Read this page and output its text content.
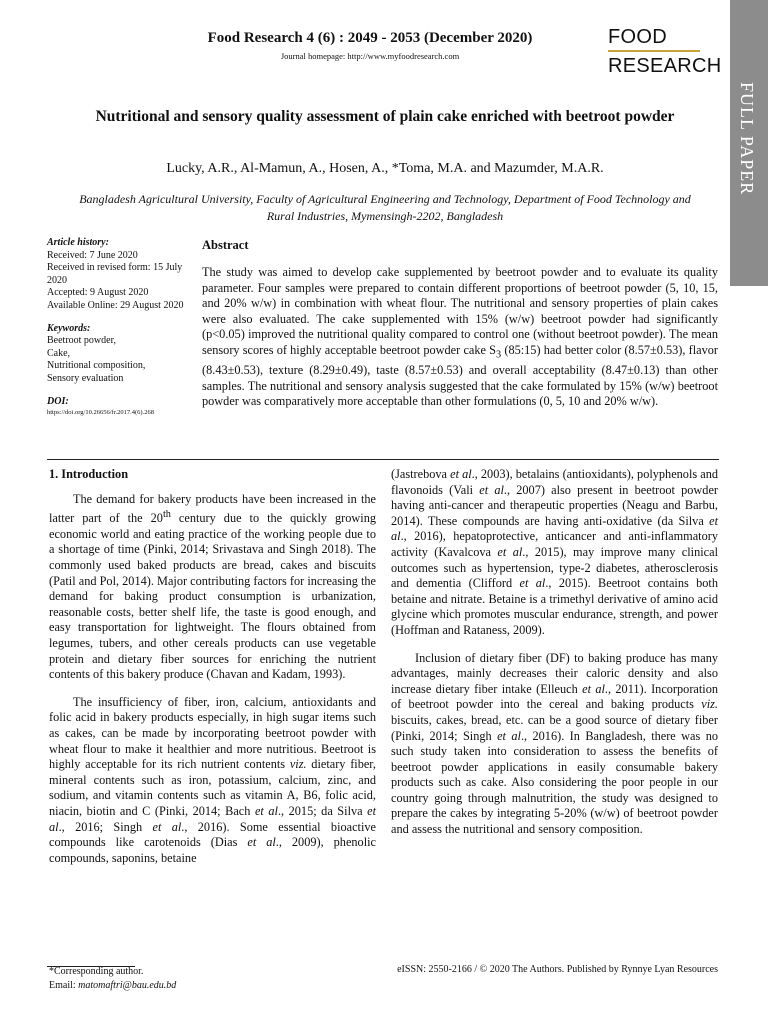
Food Research 4 (6) : 2049 - 2053 (December 2020)
Journal homepage: http://www.myfoodresearch.com
FOOD
RESEARCH
FULL PAPER
Nutritional and sensory quality assessment of plain cake enriched with beetroot powder
Lucky, A.R., Al-Mamun, A., Hosen, A., *Toma, M.A. and Mazumder, M.A.R.
Bangladesh Agricultural University, Faculty of Agricultural Engineering and Technology, Department of Food Technology and Rural Industries, Mymensingh-2202, Bangladesh
Article history:
Received: 7 June 2020
Received in revised form: 15 July 2020
Accepted: 9 August 2020
Available Online: 29 August 2020
Keywords:
Beetroot powder,
Cake,
Nutritional composition,
Sensory evaluation
DOI:
https://doi.org/10.26656/fr.2017.4(6).268
Abstract
The study was aimed to develop cake supplemented by beetroot powder and to evaluate its quality parameter. Four samples were prepared to contain different proportions of beetroot powder (5, 10, 15, and 20% w/w) in combination with wheat flour. The nutritional and sensory properties of plain cakes were also evaluated. The cake supplemented with 15% (w/w) beetroot powder had significantly (p<0.05) improved the nutritional quality compared to control one (without beetroot powder). The mean sensory scores of highly acceptable beetroot powder cake $S_3$ (85:15) had better color (8.57±0.53), flavor (8.43±0.53), texture (8.29±0.49), taste (8.57±0.53) and overall acceptability (8.47±0.13) than other samples. The nutritional and sensory analysis suggested that the cake formulated by 15% (w/w) beetroot powder was comparatively more acceptable than other formulations (0, 5, 10 and 20% w/w).
1. Introduction

The demand for bakery products have been increased in the latter part of the 20th century due to the quickly growing economic world and eating practice of the working people due to a shortage of time (Pinki, 2014; Srivastava and Singh 2018). The commonly used baked products are bread, cakes and biscuits (Patil and Pol, 2014). Major contributing factors for increasing the demand for baking product consumption is urbanization, reasonable costs, better shelf life, the taste is good enough, and easy transportation for lightweight. The flours obtained from legumes, tubers, and other cereals products can use vegetable protein and dietary fiber sources for enriching the nutrient contents of this bakery produce (Chavan and Kadam, 1993).

The insufficiency of fiber, iron, calcium, antioxidants and folic acid in bakery products especially, in high sugar items such as cakes, can be made by incorporating beetroot powder with wheat flour to make it healthier and more nutritious. Beetroot is highly acceptable for its rich nutrient contents viz. dietary fiber, mineral contents such as iron, potassium, calcium, zinc, and sodium, and vitamin contents such as vitamin A, B6, folic acid, niacin, biotin and C (Pinki, 2014; Bach et al., 2015; da Silva et al., 2016; Singh et al., 2016). Some essential bioactive compounds like carotenoids (Dias et al., 2009), phenolic compounds, saponins, betaine

(Jastrebova et al., 2003), betalains (antioxidants), polyphenols and flavonoids (Vali et al., 2007) also present in beetroot powder having anti-cancer and therapeutic properties (Neagu and Barbu, 2014). These compounds are having anti-oxidative (da Silva et al., 2016), hepatoprotective, anticancer and anti-inflammatory activity (Kavalcova et al., 2015), may improve many clinical outcomes such as hypertension, type-2 diabetes, atherosclerosis and dementia (Clifford et al., 2015). Beetroot contains both betaine and nitrate. Betaine is a trimethyl derivative of amino acid glycine which promotes muscular endurance, strength, and power (Hoffman and Rataness, 2009).

Inclusion of dietary fiber (DF) to baking produce has many advantages, mainly decreases their caloric density and also increase dietary fiber intake (Elleuch et al., 2011). Incorporation of beetroot powder into the cereal and baking products viz. biscuits, cakes, bread, etc. can be a good source of dietary fiber (Pinki, 2014; Singh et al., 2016). In Bangladesh, there was no such study taken into consideration to assess the benefits of beetroot powder applications in easily consumable bakery products such as cake. Also considering the poor people in our country going through malnutrition, the study was designed to prepare the cakes by integrating 5-20% (w/w) of beetroot powder and assess the nutritional and sensory composition.

*Corresponding author.
Email: matomaftri@bau.edu.bd
eISSN: 2550-2166 / © 2020 The Authors. Published by Rynnye Lyan Resources
